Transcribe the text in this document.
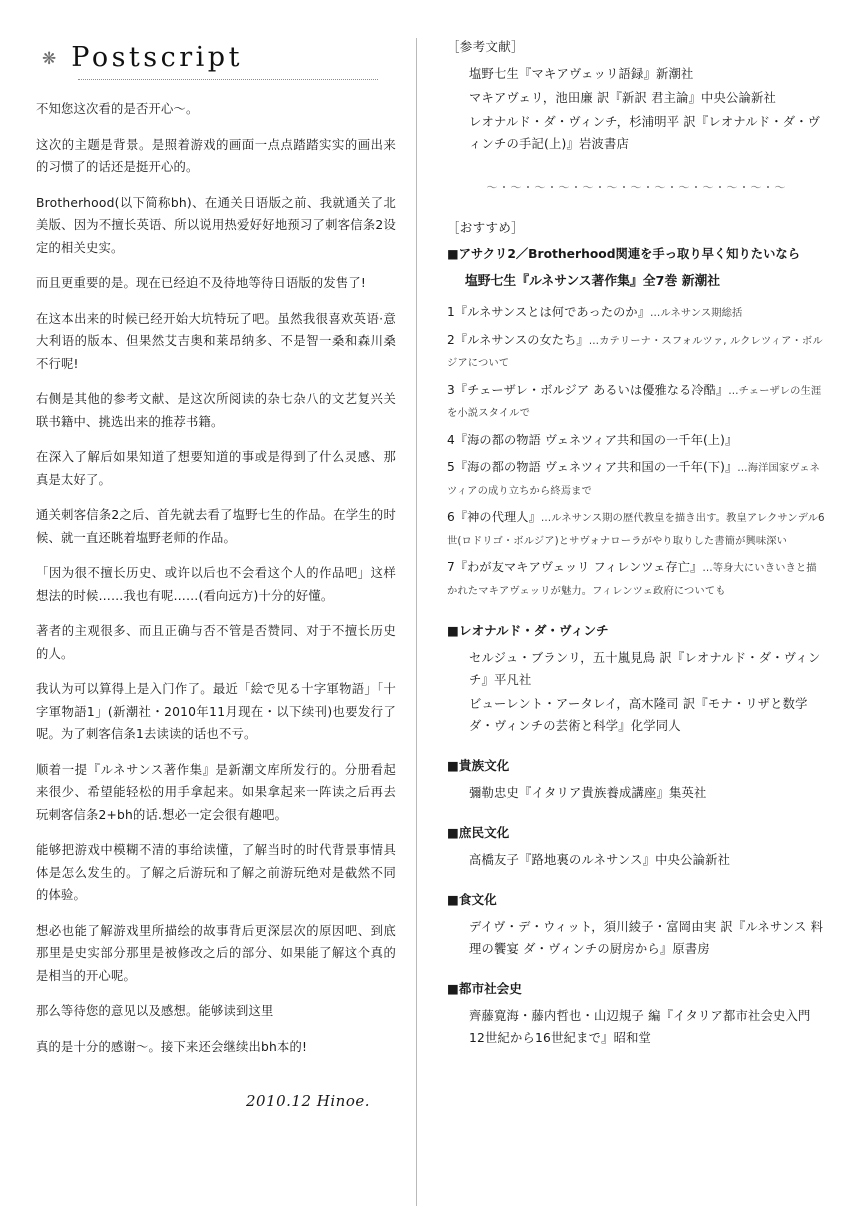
❋ Postscript

不知您这次看的是否开心〜。

这次的主题是背景。是照着游戏的画面一点点踏踏实实的画出来的习惯了的话还是挺开心的。

Brotherhood(以下简称bh)、在通关日语版之前、我就通关了北美版、因为不擅长英语、所以说用热爱好好地预习了刺客信条2设定的相关史实。

而且更重要的是。现在已经迫不及待地等待日语版的发售了!

在这本出来的时候已经开始大坑特玩了吧。虽然我很喜欢英语·意大利语的版本、但果然艾吉奥和莱昂纳多、不是智一桑和森川桑不行呢!

右侧是其他的参考文献、是这次所阅读的杂七杂八的文艺复兴关联书籍中、挑选出来的推荐书籍。

在深入了解后如果知道了想要知道的事或是得到了什么灵感、那真是太好了。

通关刺客信条2之后、首先就去看了塩野七生的作品。在学生的时候、就一直还眺着塩野老师的作品。

「因为很不擅长历史、或许以后也不会看这个人的作品吧」这样想法的时候……我也有呢……(看向远方)十分的好懂。

著者的主观很多、而且正确与否不管是否赞同、对于不擅长历史的人。

我认为可以算得上是入门作了。最近「絵で见る十字軍物語」「十字軍物語1」(新潮社・2010年11月现在・以下续刊)也要发行了呢。为了刺客信条1去读读的话也不亏。

顺着一提『ルネサンス著作集』是新潮文库所发行的。分册看起来很少、希望能轻松的用手拿起来。如果拿起来一阵读之后再去玩刺客信条2+bh的话.想必一定会很有趣吧。

能够把游戏中模糊不清的事给读懂，了解当时的时代背景事情具体是怎么发生的。了解之后游玩和了解之前游玩绝对是截然不同的体验。

想必也能了解游戏里所描绘的故事背后更深层次的原因吧、到底那里是史实部分那里是被修改之后的部分、如果能了解这个真的是相当的开心呢。

那么等待您的意见以及感想。能够读到这里

真的是十分的感谢〜。接下来还会继续出bh本的!

2010.12 Hinoe.
［参考文献］

塩野七生『マキアヴェッリ語録』新潮社

マキアヴェリ，池田廉 訳『新訳 君主論』中央公論新社

レオナルド・ダ・ヴィンチ，杉浦明平 訳『レオナルド・ダ・ヴィンチの手記(上)』岩波書店

〜・〜・〜・〜・〜・〜・〜・〜・〜・〜・〜・〜・〜
［おすすめ］
■アサクリ2／Brotherhood関連を手っ取り早く知りたいなら
塩野七生『ルネサンス著作集』全7巻 新潮社

1『ルネサンスとは何であったのか』…ルネサンス期総括

2『ルネサンスの女たち』…カテリーナ・スフォルツァ, ルクレツィア・ボルジアについて

3『チェーザレ・ボルジア あるいは優雅なる冷酷』…チェーザレの生涯を小説スタイルで

4『海の都の物語 ヴェネツィア共和国の一千年(上)』

5『海の都の物語 ヴェネツィア共和国の一千年(下)』…海洋国家ヴェネツィアの成り立ちから終焉まで

6『神の代理人』…ルネサンス期の歴代教皇を描き出す。教皇アレクサンデル6世(ロドリゴ・ボルジア)とサヴォナローラがやり取りした書簡が興味深い

7『わが友マキアヴェッリ フィレンツェ存亡』…等身大にいきいきと描かれたマキアヴェッリが魅力。フィレンツェ政府についても

■レオナルド・ダ・ヴィンチ

セルジュ・ブランリ，五十嵐見鳥 訳『レオナルド・ダ・ヴィンチ』平凡社

ビューレント・アータレイ，高木隆司 訳『モナ・リザと数学 ダ・ヴィンチの芸術と科学』化学同人

■貴族文化

彌勒忠史『イタリア貴族養成講座』集英社

■庶民文化

高橋友子『路地裏のルネサンス』中央公論新社

■食文化

デイヴ・デ・ウィット，須川綾子・富岡由実 訳『ルネサンス 料理の饗宴 ダ・ヴィンチの厨房から』原書房

■都市社会史

齊藤寛海・藤内哲也・山辺規子 編『イタリア都市社会史入門 12世紀から16世紀まで』昭和堂
